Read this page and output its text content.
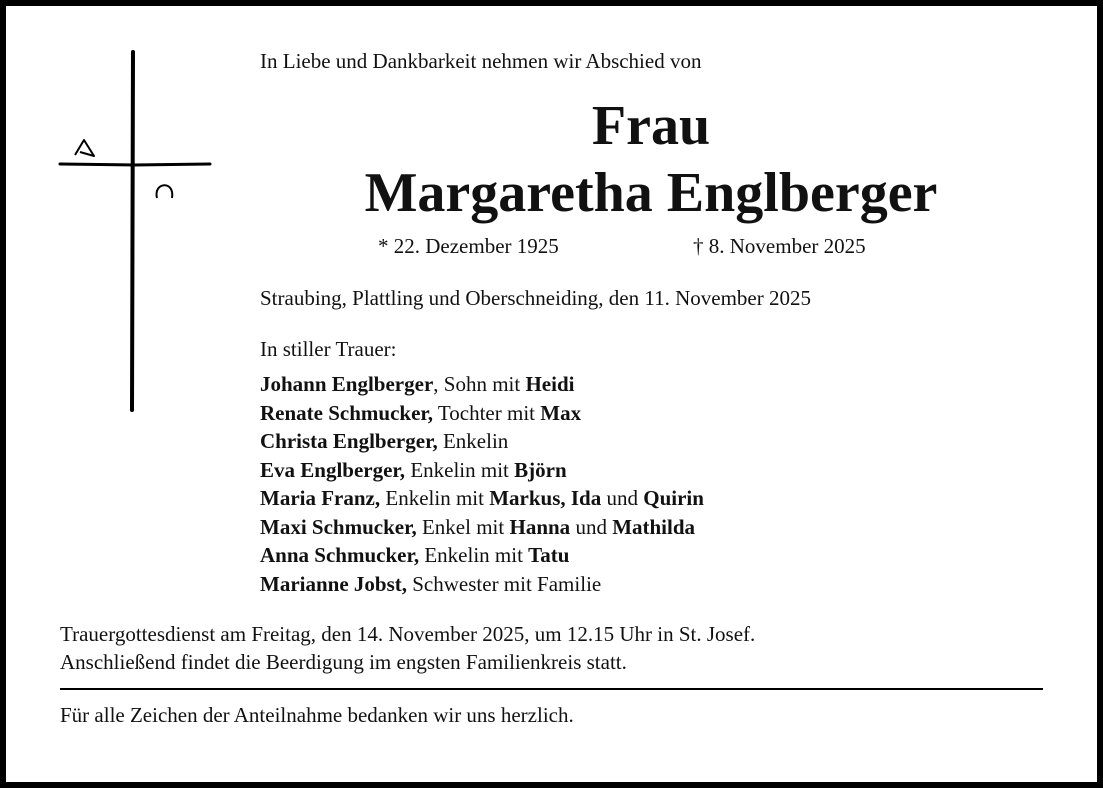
In Liebe und Dankbarkeit nehmen wir Abschied von
Frau
Margaretha Englberger
* 22. Dezember 1925	† 8. November 2025
Straubing, Plattling und Oberschneiding, den 11. November 2025
In stiller Trauer:
Johann Englberger, Sohn mit Heidi
Renate Schmucker, Tochter mit Max
Christa Englberger, Enkelin
Eva Englberger, Enkelin mit Björn
Maria Franz, Enkelin mit Markus, Ida und Quirin
Maxi Schmucker, Enkel mit Hanna und Mathilda
Anna Schmucker, Enkelin mit Tatu
Marianne Jobst, Schwester mit Familie
Trauergottesdienst am Freitag, den 14. November 2025, um 12.15 Uhr in St. Josef.
Anschließend findet die Beerdigung im engsten Familienkreis statt.
Für alle Zeichen der Anteilnahme bedanken wir uns herzlich.
